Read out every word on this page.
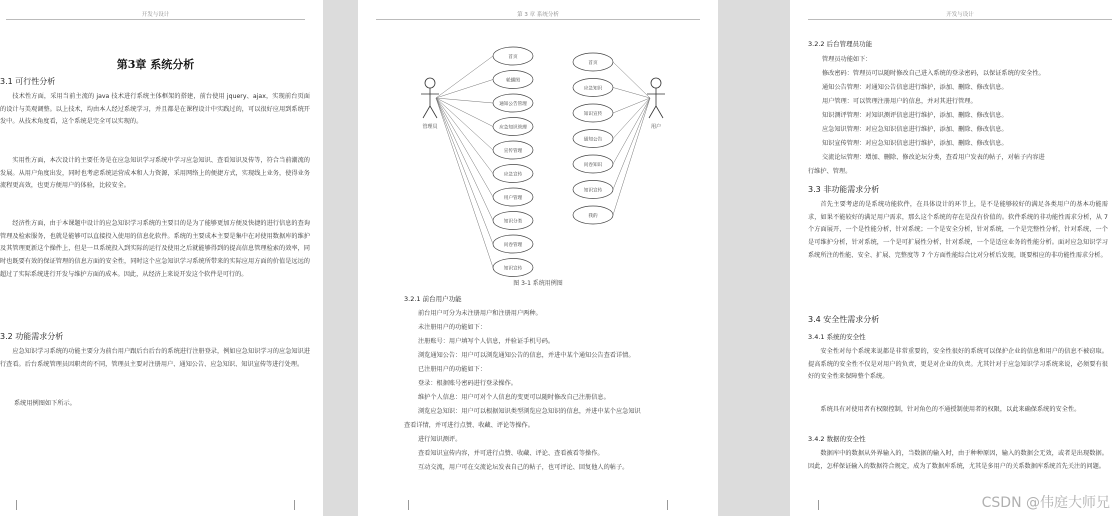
开发与设计
第3章 系统分析
3.1 可行性分析

技术性方面，采用当前主流的 java 技术进行系统主体框架的搭建，前台使用 jquery、ajax，实现前台页面的设计与美观调整。以上技术，均由本人经过系统学习，并且都是在课程设计中实践过的，可以很好应用到系统开发中。从技术角度看，这个系统是完全可以实现的。

实用性方面，本次设计的主要任务是在应急知识学习系统中学习应急知识、查看知识及传等，符合当前潮流的发展。从用户角度出发，同时也考虑系统运营成本和人力资源，采用网络上的便捷方式，实现线上业务，使得业务流程更高效，也更方便用户的体验，比较安全。

经济性方面，由于本课题中设计的应急知识学习系统的主要目的是为了能够更加方便及快捷的进行信息的查询管理及检索服务，也就是能够可以直接投入使用的信息化软件。系统的主要成本主要是集中在对使用数据库的维护及其管理更新这个操件上，但是一旦系统投入到实际的运行及使用之后就能够得到的提高信息管理检索的效率，同时也既要有效的保证管理的信息方面的安全性，同时这个应急知识学习系统所带来的实际应用方面的价值是远远的超过了实际系统进行开发与维护方面的成本。因此，从经济上来说开发这个软件是可行的。

3.2 功能需求分析

应急知识学习系统的功能主要分为前台用户跟后台后台的系统进行注册登录，例如应急知识学习的应急知识进行查看。后台系统管理员因职责的不同，管理员主要对注册用户、通知公告、应急知识、知识宣传等进行处理。

系统用例图如下所示。
第 3 章 系统分析
管理员	用户
首页
轮播图
通知公告管理
应急知识管理
宣传管理
应急宣传
用户管理
知识分类
问卷管理
知识宣传
首页
应急知识
知识宣传
通知公告
问卷知识
知识宣传
我的
图 3-1 系统用例图
3.2.1 前台用户功能
前台用户可分为未注册用户和注册用户两种。
未注册用户的功能如下：
注册账号：用户填写个人信息，并验证手机号码。
浏览通知公告：用户可以浏览通知公告的信息，并进中某个通知公告查看详情。
已注册用户的功能如下：
登录：根据账号密码进行登录操作。
维护个人信息：用户可对个人信息的变更可以随时修改自己注册信息。
浏览应急知识：用户可以根据知识类型浏览应急知识的信息，并进中某个应急知识
查看详情，并可进行点赞、收藏、评论等操作。
进行知识测评。
查看知识宣传内容，并可进行点赞、收藏、评论、查看被看等操作。
互动交流，用户可在交流论坛发表自己的帖子，也可评论、回复他人的帖子。
开发与设计
3.2.2 后台管理员功能
管理员功能如下：
修改密码：管理员可以随时修改自己进入系统的登录密码，以保证系统的安全性。
通知公告管理：对通知公告信息进行维护，添加、删除、修改信息。
用户管理：可以管理注册用户的信息，并对其进行管理。
知识测评管理：对知识测评信息进行维护，添加、删除、修改信息。
应急知识管理：对应急知识信息进行维护，添加、删除、修改信息。
知识宣传管理：对应急知识信息进行维护，添加、删除、修改信息。
交流论坛管理：增加、删除、修改论坛分类，查看用户发表的帖子，对帖子内容进
行维护、管理。
3.3 非功能需求分析

首先主要考虑的是系统功能软件，在具体设计的环节上，是不是能够较好的满足各类用户的基本功能需求，如果不能较好的满足用户需求，那么这个系统的存在是没有价值的。软件系统的非功能性需求分析，从 7 个方面展开，一个是性能分析，针对系统；一个是安全分析，针对系统，一个是完整性分析，针对系统，一个是可维护分析，针对系统，一个是可扩展性分析，针对系统，一个是适应业务的性能分析。面对应急知识学习系统所注的性能、安全、扩展、完整度等 7 个方面性能综合比对分析后发现，既要相应的非功能性需求分析。

3.4 安全性需求分析
3.4.1 系统的安全性

安全性对每个系统来说都是非常重要的，安全性很好的系统可以保护企业的信息和用户的信息不被窃取。提高系统的安全性不仅是对用户的负责，更是对企业的负责。尤其针对于应急知识学习系统来说，必须要有很好的安全性来保障整个系统。

系统具有对使用者有权限控制，针对角色的不通授制使用者的权限，以此来确保系统的安全性。

3.4.2 数据的安全性

数据库中的数据从外界输入的，当数据的输入时，由于种种原因，输入的数据会无效，或者是出现数据。因此，怎样保证输入的数据符合规定，成为了数据库系统，尤其是多用户的关系数据库系统首先关注的问题。

CSDN @伟庭大师兄
